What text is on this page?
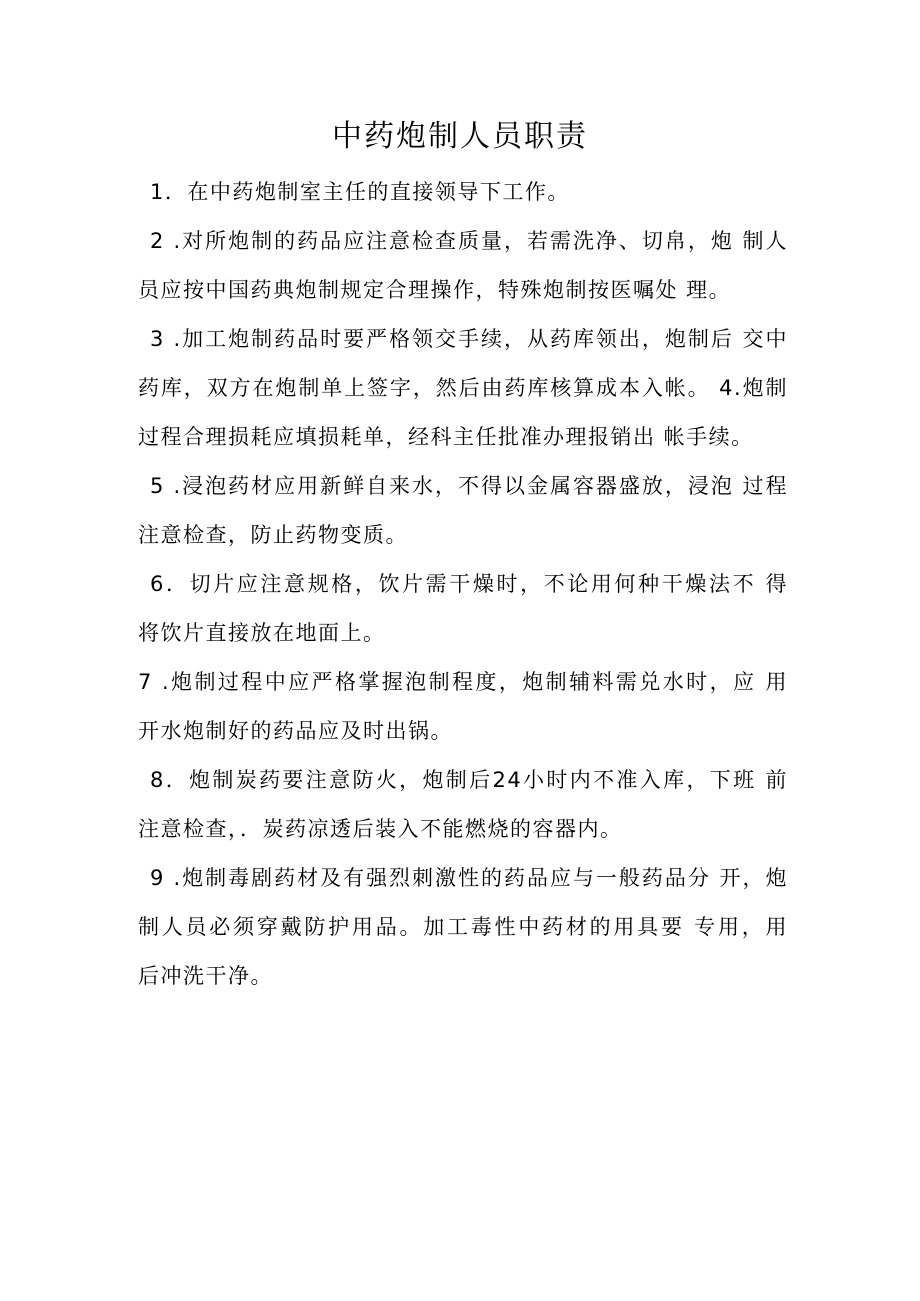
中药炮制人员职责
1．在中药炮制室主任的直接领导下工作。
2 .对所炮制的药品应注意检查质量，若需洗净、切帛，炮 制人
员应按中国药典炮制规定合理操作，特殊炮制按医嘱处 理。
3 .加工炮制药品时要严格领交手续，从药库领出，炮制后 交中
药库，双方在炮制单上签字，然后由药库核算成本入帐。 4.炮制
过程合理损耗应填损耗单，经科主任批准办理报销出 帐手续。
5 .浸泡药材应用新鲜自来水，不得以金属容器盛放，浸泡 过程
注意检查，防止药物变质。
6．切片应注意规格，饮片需干燥时，不论用何种干燥法不 得
将饮片直接放在地面上。
7 .炮制过程中应严格掌握泡制程度，炮制辅料需兑水时，应 用
开水炮制好的药品应及时出锅。
8．炮制炭药要注意防火，炮制后24小时内不准入库，下班 前
注意检查，．炭药凉透后装入不能燃烧的容器内。
9 .炮制毒剧药材及有强烈刺激性的药品应与一般药品分 开，炮
制人员必须穿戴防护用品。加工毒性中药材的用具要 专用，用
后冲洗干净。
